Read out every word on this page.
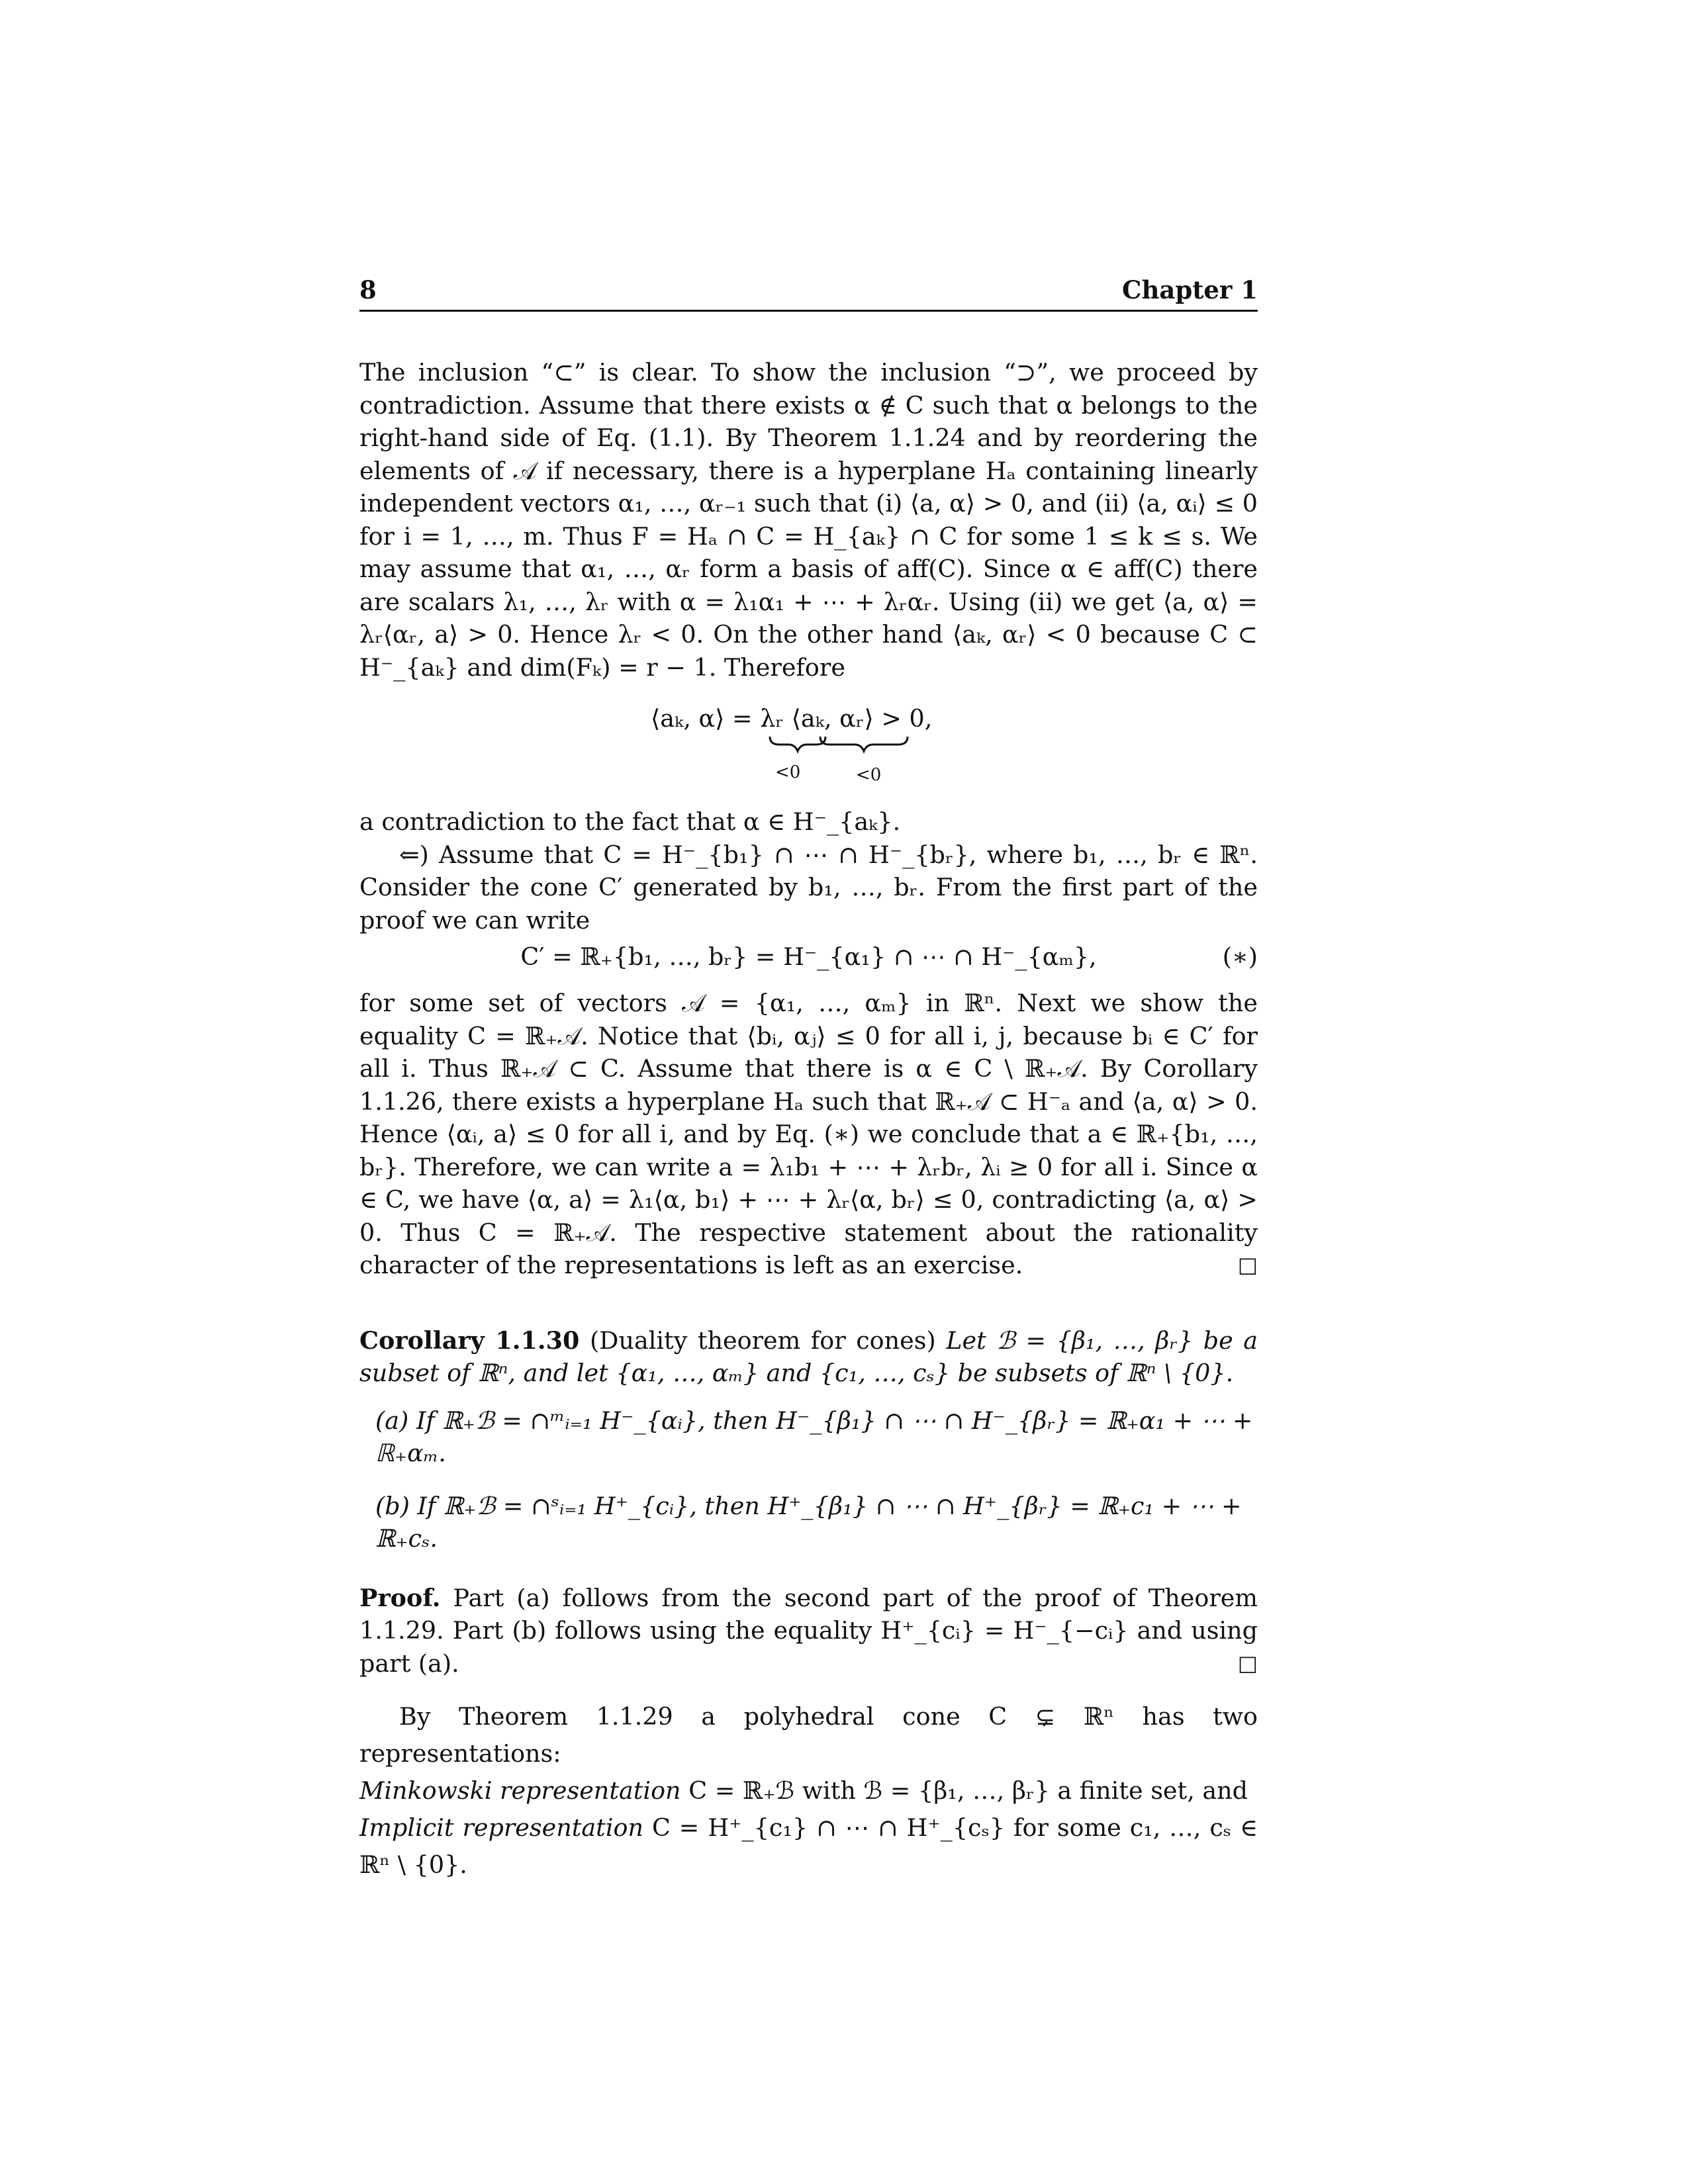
8	Chapter 1

The inclusion “⊂” is clear. To show the inclusion “⊃”, we proceed by contradiction. Assume that there exists α ∉ C such that α belongs to the right-hand side of Eq. (1.1). By Theorem 1.1.24 and by reordering the elements of 𝒜 if necessary, there is a hyperplane Hₐ containing linearly independent vectors α₁, …, αᵣ₋₁ such that (i) ⟨a, α⟩ > 0, and (ii) ⟨a, αᵢ⟩ ≤ 0 for i = 1, …, m. Thus F = Hₐ ∩ C = H_{aₖ} ∩ C for some 1 ≤ k ≤ s. We may assume that α₁, …, αᵣ form a basis of aff(C). Since α ∈ aff(C) there are scalars λ₁, …, λᵣ with α = λ₁α₁ + ⋯ + λᵣαᵣ. Using (ii) we get ⟨a, α⟩ = λᵣ⟨αᵣ, a⟩ > 0. Hence λᵣ < 0. On the other hand ⟨aₖ, αᵣ⟩ < 0 because C ⊂ H⁻_{aₖ} and dim(Fₖ) = r − 1. Therefore

⟨aₖ, α⟩ = λᵣ ⟨aₖ, αᵣ⟩ > 0,
<0	<0

a contradiction to the fact that α ∈ H⁻_{aₖ}.

⇐) Assume that C = H⁻_{b₁} ∩ ⋯ ∩ H⁻_{bᵣ}, where b₁, …, bᵣ ∈ ℝⁿ. Consider the cone C′ generated by b₁, …, bᵣ. From the first part of the proof we can write

C′ = ℝ₊{b₁, …, bᵣ} = H⁻_{α₁} ∩ ⋯ ∩ H⁻_{αₘ},	(∗)

for some set of vectors 𝒜 = {α₁, …, αₘ} in ℝⁿ. Next we show the equality C = ℝ₊𝒜. Notice that ⟨bᵢ, αⱼ⟩ ≤ 0 for all i, j, because bᵢ ∈ C′ for all i. Thus ℝ₊𝒜 ⊂ C. Assume that there is α ∈ C \ ℝ₊𝒜. By Corollary 1.1.26, there exists a hyperplane Hₐ such that ℝ₊𝒜 ⊂ H⁻ₐ and ⟨a, α⟩ > 0. Hence ⟨αᵢ, a⟩ ≤ 0 for all i, and by Eq. (∗) we conclude that a ∈ ℝ₊{b₁, …, bᵣ}. Therefore, we can write a = λ₁b₁ + ⋯ + λᵣbᵣ, λᵢ ≥ 0 for all i. Since α ∈ C, we have ⟨α, a⟩ = λ₁⟨α, b₁⟩ + ⋯ + λᵣ⟨α, bᵣ⟩ ≤ 0, contradicting ⟨a, α⟩ > 0. Thus C = ℝ₊𝒜. The respective statement about the rationality character of the representations is left as an exercise.	□

Corollary 1.1.30 (Duality theorem for cones) Let ℬ = {β₁, …, βᵣ} be a subset of ℝⁿ, and let {α₁, …, αₘ} and {c₁, …, cₛ} be subsets of ℝⁿ \ {0}.

(a) If ℝ₊ℬ = ∩ᵐᵢ₌₁ H⁻_{αᵢ}, then H⁻_{β₁} ∩ ⋯ ∩ H⁻_{βᵣ} = ℝ₊α₁ + ⋯ + ℝ₊αₘ.
(b) If ℝ₊ℬ = ∩ˢᵢ₌₁ H⁺_{cᵢ}, then H⁺_{β₁} ∩ ⋯ ∩ H⁺_{βᵣ} = ℝ₊c₁ + ⋯ + ℝ₊cₛ.

Proof. Part (a) follows from the second part of the proof of Theorem 1.1.29. Part (b) follows using the equality H⁺_{cᵢ} = H⁻_{−cᵢ} and using part (a).	□

By Theorem 1.1.29 a polyhedral cone C ⊊ ℝⁿ has two representations:

Minkowski representation C = ℝ₊ℬ with ℬ = {β₁, …, βᵣ} a finite set, and

Implicit representation C = H⁺_{c₁} ∩ ⋯ ∩ H⁺_{cₛ} for some c₁, …, cₛ ∈ ℝⁿ \ {0}.
